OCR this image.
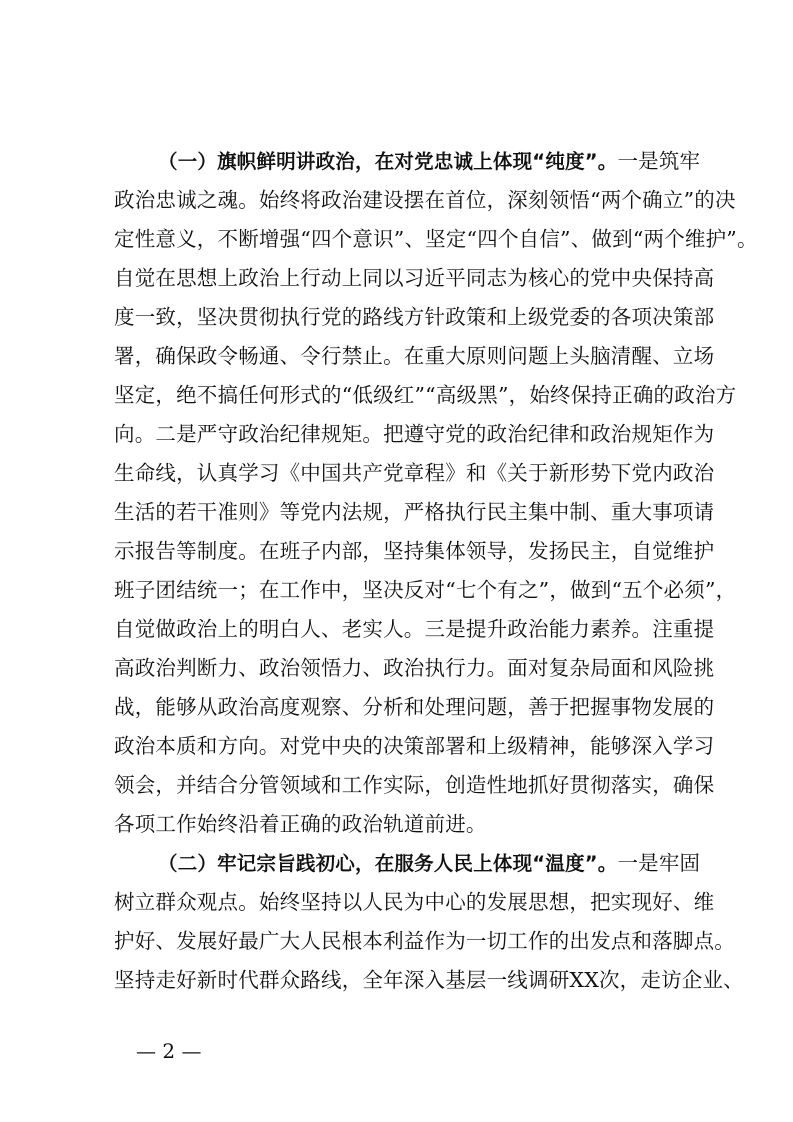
（一）旗帜鲜明讲政治，在对党忠诚上体现“纯度”。一是筑牢
政治忠诚之魂。始终将政治建设摆在首位，深刻领悟“两个确立”的决
定性意义，不断增强“四个意识”、坚定“四个自信”、做到“两个维护”。
自觉在思想上政治上行动上同以习近平同志为核心的党中央保持高
度一致，坚决贯彻执行党的路线方针政策和上级党委的各项决策部
署，确保政令畅通、令行禁止。在重大原则问题上头脑清醒、立场
坚定，绝不搞任何形式的“低级红”“高级黑”，始终保持正确的政治方
向。二是严守政治纪律规矩。把遵守党的政治纪律和政治规矩作为
生命线，认真学习《中国共产党章程》和《关于新形势下党内政治
生活的若干准则》等党内法规，严格执行民主集中制、重大事项请
示报告等制度。在班子内部，坚持集体领导，发扬民主，自觉维护
班子团结统一；在工作中，坚决反对“七个有之”，做到“五个必须”，
自觉做政治上的明白人、老实人。三是提升政治能力素养。注重提
高政治判断力、政治领悟力、政治执行力。面对复杂局面和风险挑
战，能够从政治高度观察、分析和处理问题，善于把握事物发展的
政治本质和方向。对党中央的决策部署和上级精神，能够深入学习
领会，并结合分管领域和工作实际，创造性地抓好贯彻落实，确保
各项工作始终沿着正确的政治轨道前进。
（二）牢记宗旨践初心，在服务人民上体现“温度”。一是牢固
树立群众观点。始终坚持以人民为中心的发展思想，把实现好、维
护好、发展好最广大人民根本利益作为一切工作的出发点和落脚点。
坚持走好新时代群众路线，全年深入基层一线调研XX次，走访企业、
— 2 —
